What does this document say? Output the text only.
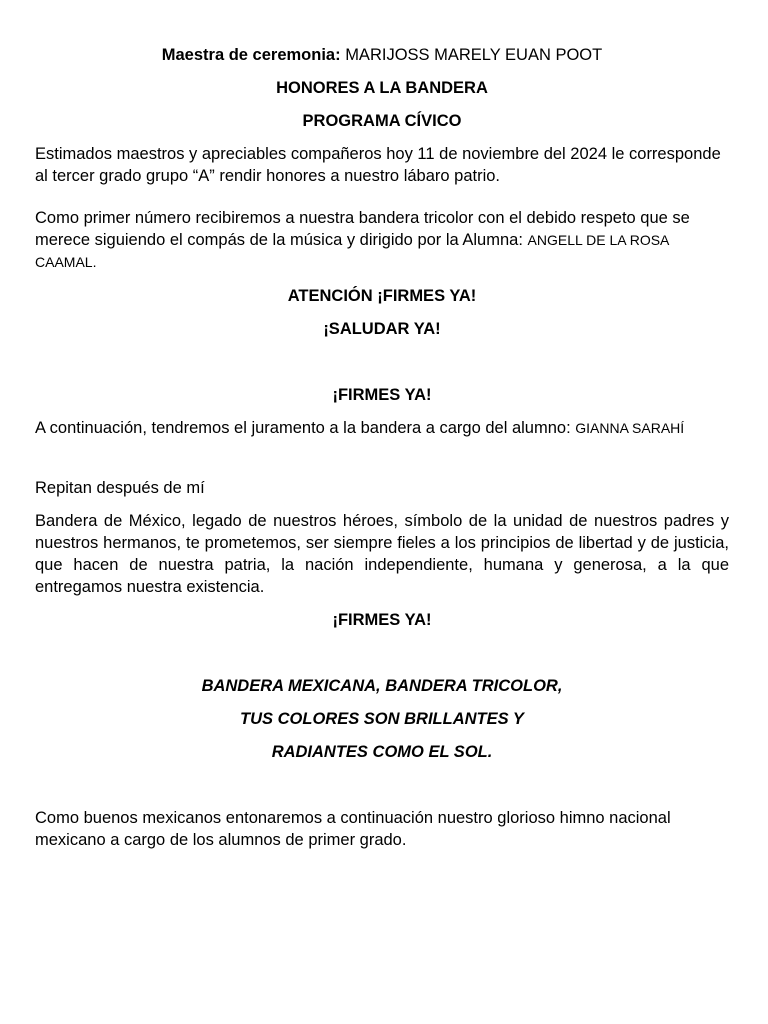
Maestra de ceremonia: MARIJOSS MARELY EUAN POOT

HONORES A LA BANDERA

PROGRAMA CÍVICO

Estimados maestros y apreciables compañeros hoy 11 de noviembre del 2024 le corresponde al tercer grado grupo “A” rendir honores a nuestro lábaro patrio.

Como primer número recibiremos a nuestra bandera tricolor con el debido respeto que se merece siguiendo el compás de la música y dirigido por la Alumna: ANGELL DE LA ROSA CAAMAL.

ATENCIÓN ¡FIRMES YA!

¡SALUDAR YA!

¡FIRMES YA!

A continuación, tendremos el juramento a la bandera a cargo del alumno: GIANNA SARAHÍ

Repitan después de mí

Bandera de México, legado de nuestros héroes, símbolo de la unidad de nuestros padres y nuestros hermanos, te prometemos, ser siempre fieles a los principios de libertad y de justicia, que hacen de nuestra patria, la nación independiente, humana y generosa, a la que entregamos nuestra existencia.

¡FIRMES YA!

BANDERA MEXICANA, BANDERA TRICOLOR,

TUS COLORES SON BRILLANTES Y

RADIANTES COMO EL SOL.

Como buenos mexicanos entonaremos a continuación nuestro glorioso himno nacional mexicano a cargo de los alumnos de primer grado.
